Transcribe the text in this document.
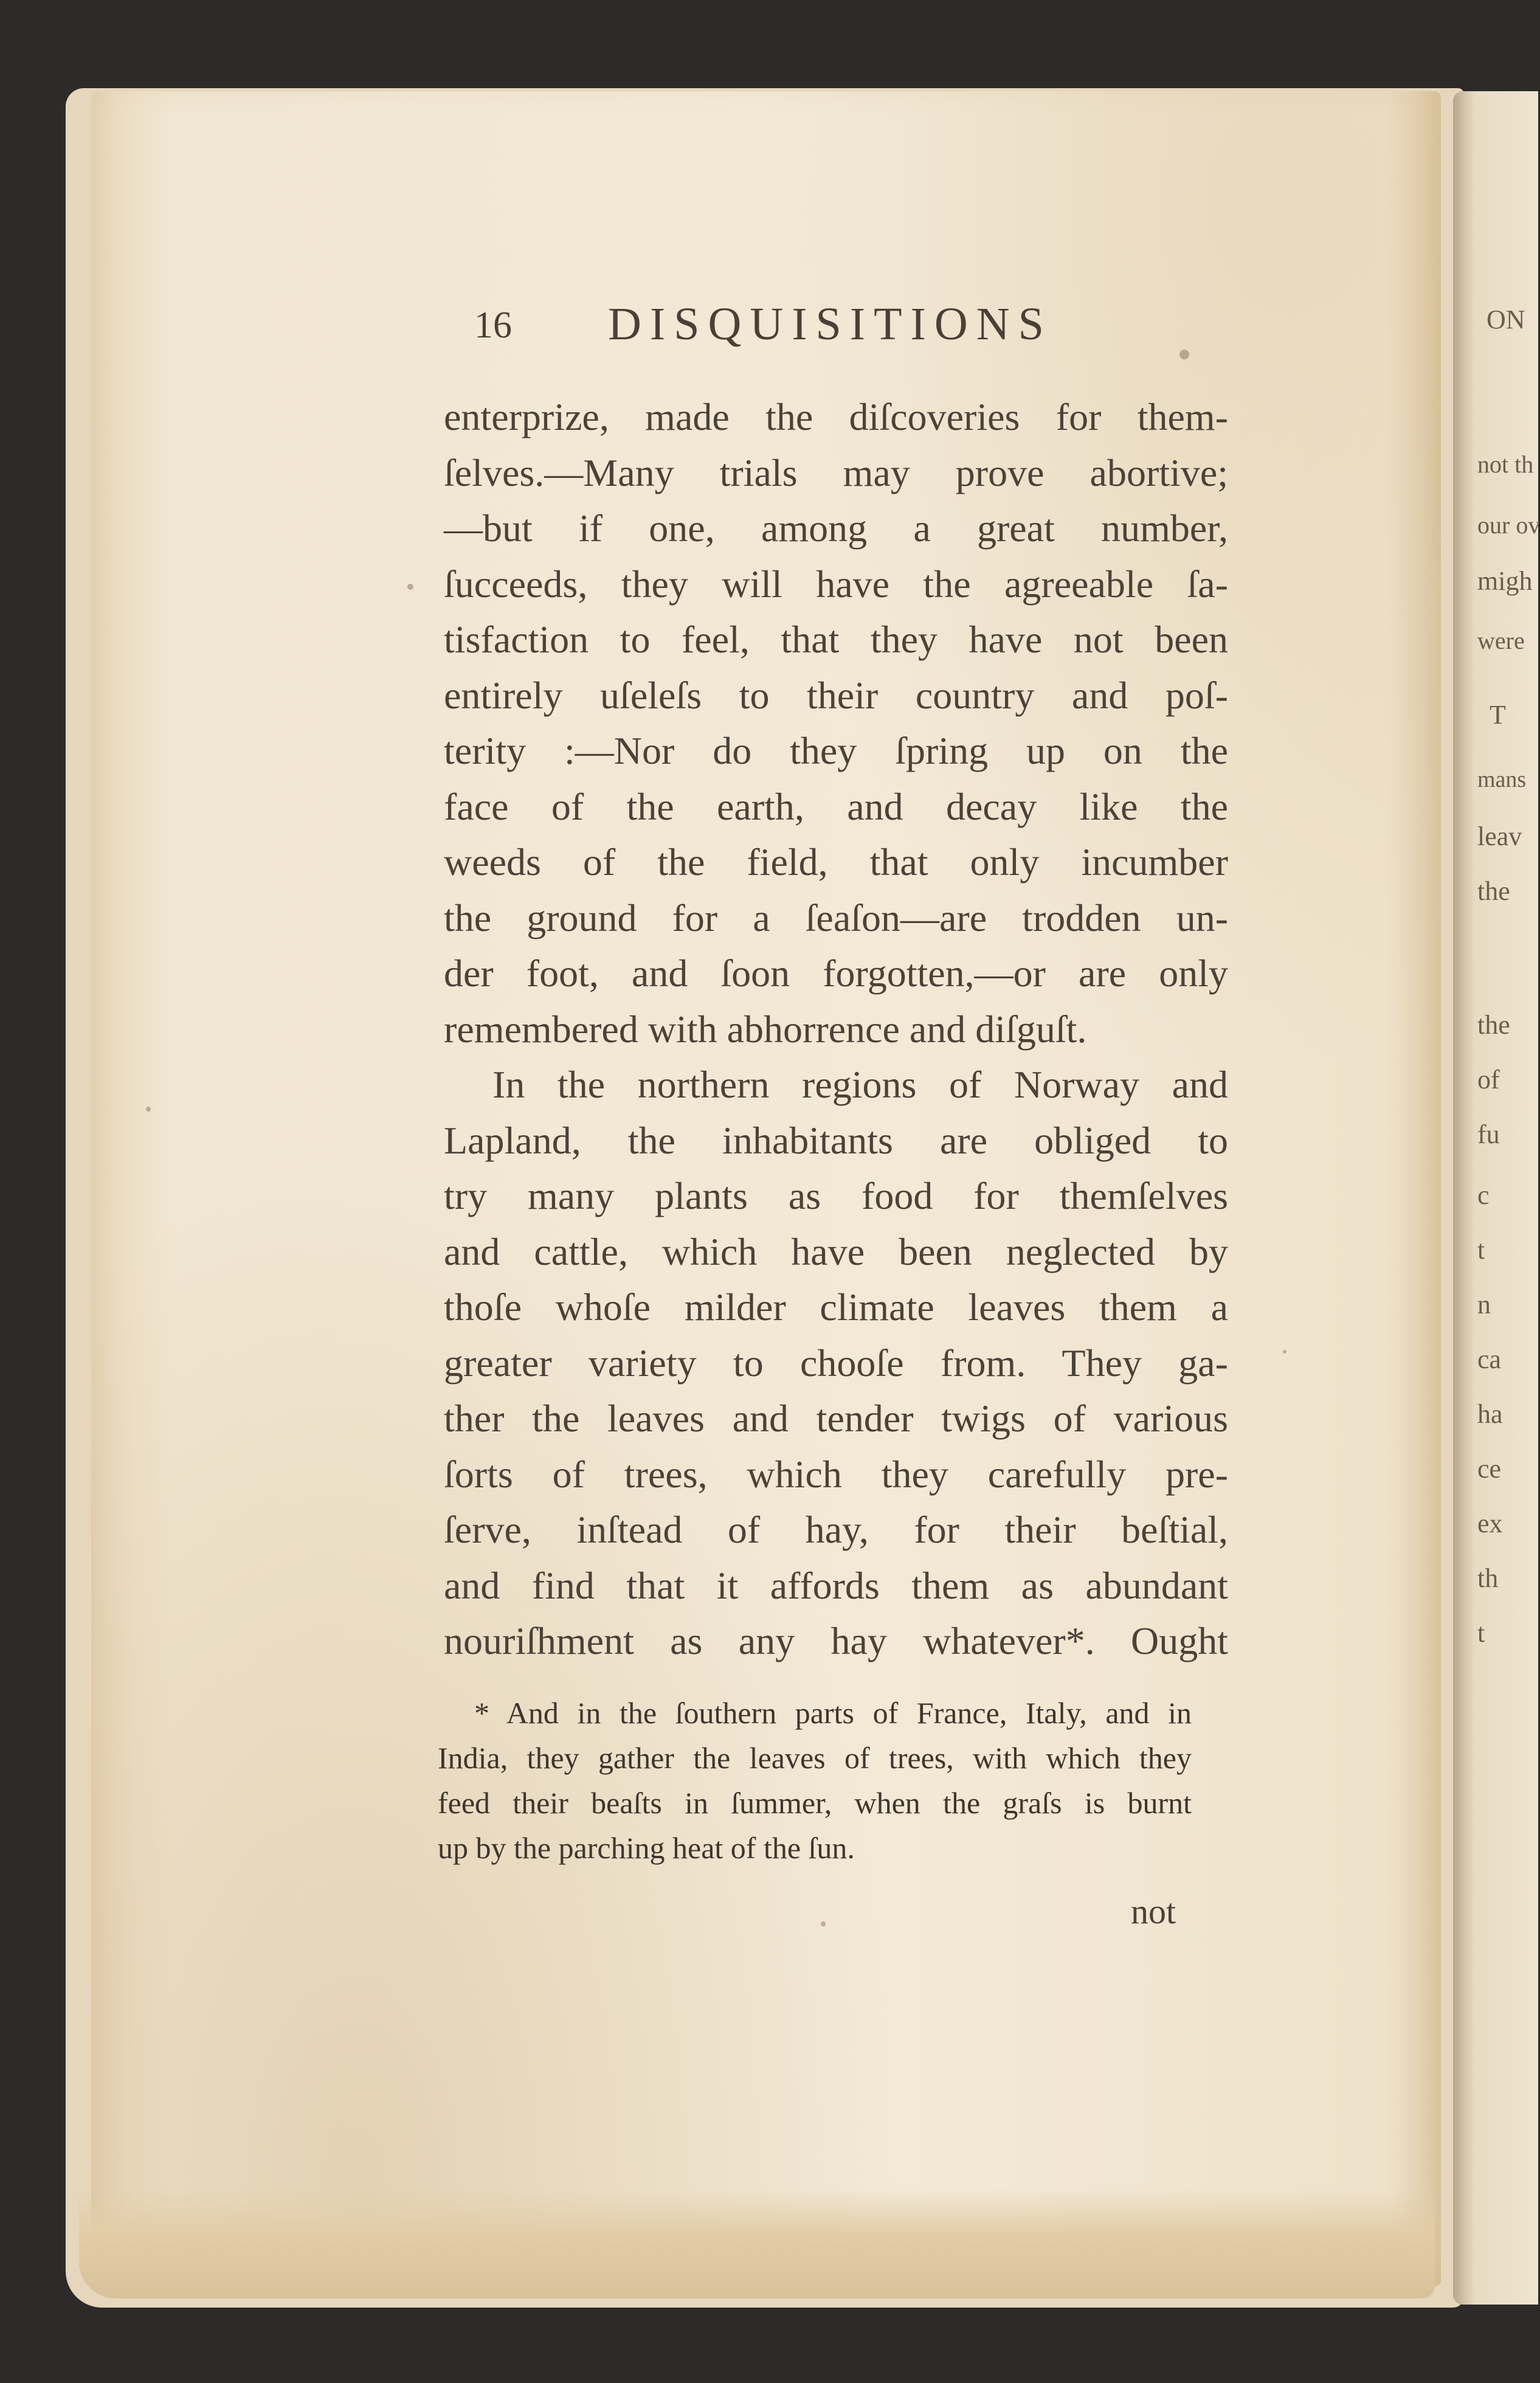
ON
not th
our ov
migh
were
T
mans
leav
the
the
of
fu
c
t
n
ca
ha
ce
ex
th
t
16 DISQUISITIONS
enterprize, made the diſcoveries for them-
ſelves.—Many trials may prove abortive;
—but if one, among a great number,
ſucceeds, they will have the agreeable ſa-
tisfaction to feel, that they have not been
entirely uſeleſs to their country and poſ-
terity :—Nor do they ſpring up on the
face of the earth, and decay like the
weeds of the field, that only incumber
the ground for a ſeaſon—are trodden un-
der foot, and ſoon forgotten,—or are only
remembered with abhorrence and diſguſt.
In the northern regions of Norway and
Lapland, the inhabitants are obliged to
try many plants as food for themſelves
and cattle, which have been neglected by
thoſe whoſe milder climate leaves them a
greater variety to chooſe from. They ga-
ther the leaves and tender twigs of various
ſorts of trees, which they carefully pre-
ſerve, inſtead of hay, for their beſtial,
and find that it affords them as abundant
nouriſhment as any hay whatever*. Ought
* And in the ſouthern parts of France, Italy, and in
India, they gather the leaves of trees, with which they
feed their beaſts in ſummer, when the graſs is burnt
up by the parching heat of the ſun.
not
